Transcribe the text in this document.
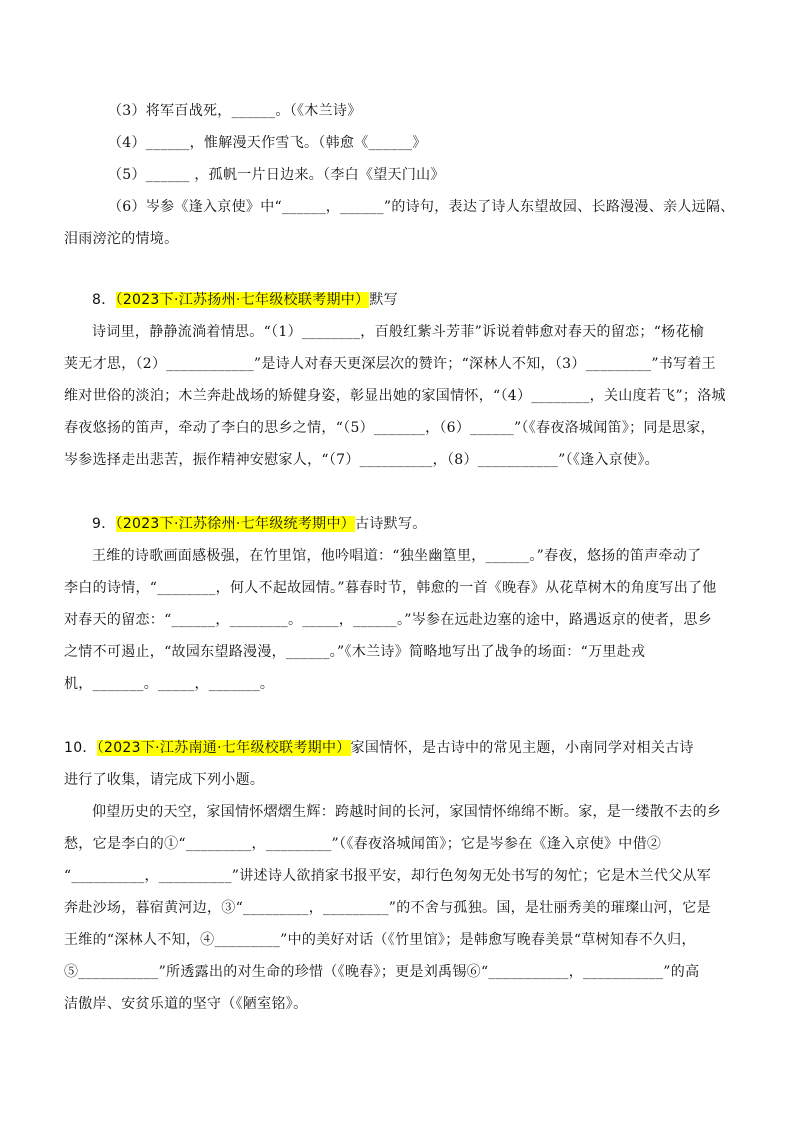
（3）将军百战死，______。（《木兰诗》
（4）______，惟解漫天作雪飞。（韩愈《______》
（5）______ ，孤帆一片日边来。（李白《望天门山》
（6）岑参《逢入京使》中“______，______”的诗句，表达了诗人东望故园、长路漫漫、亲人远隔、
泪雨滂沱的情境。
8．（2023下·江苏扬州·七年级校联考期中）默写
诗词里，静静流淌着情思。“（1）________，百般红紫斗芳菲”诉说着韩愈对春天的留恋；“杨花榆
荚无才思，（2）____________”是诗人对春天更深层次的赞许；“深林人不知，（3）_________”书写着王
维对世俗的淡泊；木兰奔赴战场的矫健身姿，彰显出她的家国情怀，“（4）________，关山度若飞”；洛城
春夜悠扬的笛声，牵动了李白的思乡之情，“（5）_______，（6）______”（《春夜洛城闻笛》；同是思家，
岑参选择走出悲苦，振作精神安慰家人，“（7）__________，（8）___________”（《逢入京使》。
9．（2023下·江苏徐州·七年级统考期中）古诗默写。
王维的诗歌画面感极强，在竹里馆，他吟唱道：“独坐幽篁里，______。”春夜，悠扬的笛声牵动了
李白的诗情，“________，何人不起故园情。”暮春时节，韩愈的一首《晚春》从花草树木的角度写出了他
对春天的留恋：“______，________。_____，______。”岑参在远赴边塞的途中，路遇返京的使者，思乡
之情不可遏止，“故园东望路漫漫，______。”《木兰诗》简略地写出了战争的场面：“万里赴戎
机，_______。_____，_______。
10．（2023下·江苏南通·七年级校联考期中）家国情怀，是古诗中的常见主题，小南同学对相关古诗
进行了收集，请完成下列小题。
仰望历史的天空，家国情怀熠熠生辉：跨越时间的长河，家国情怀绵绵不断。家，是一缕散不去的乡
愁，它是李白的①“_________，_________”（《春夜洛城闻笛》；它是岑参在《逢入京使》中借②
“__________，__________”讲述诗人欲捎家书报平安，却行色匆匆无处书写的匆忙；它是木兰代父从军
奔赴沙场，暮宿黄河边，③“_________，_________”的不舍与孤独。国，是壮丽秀美的璀璨山河，它是
王维的“深林人不知，④_________”中的美好对话（《竹里馆》；是韩愈写晚春美景“草树知春不久归，
⑤___________”所透露出的对生命的珍惜（《晚春》；更是刘禹锡⑥“___________，___________”的高
洁傲岸、安贫乐道的坚守（《陋室铭》。
